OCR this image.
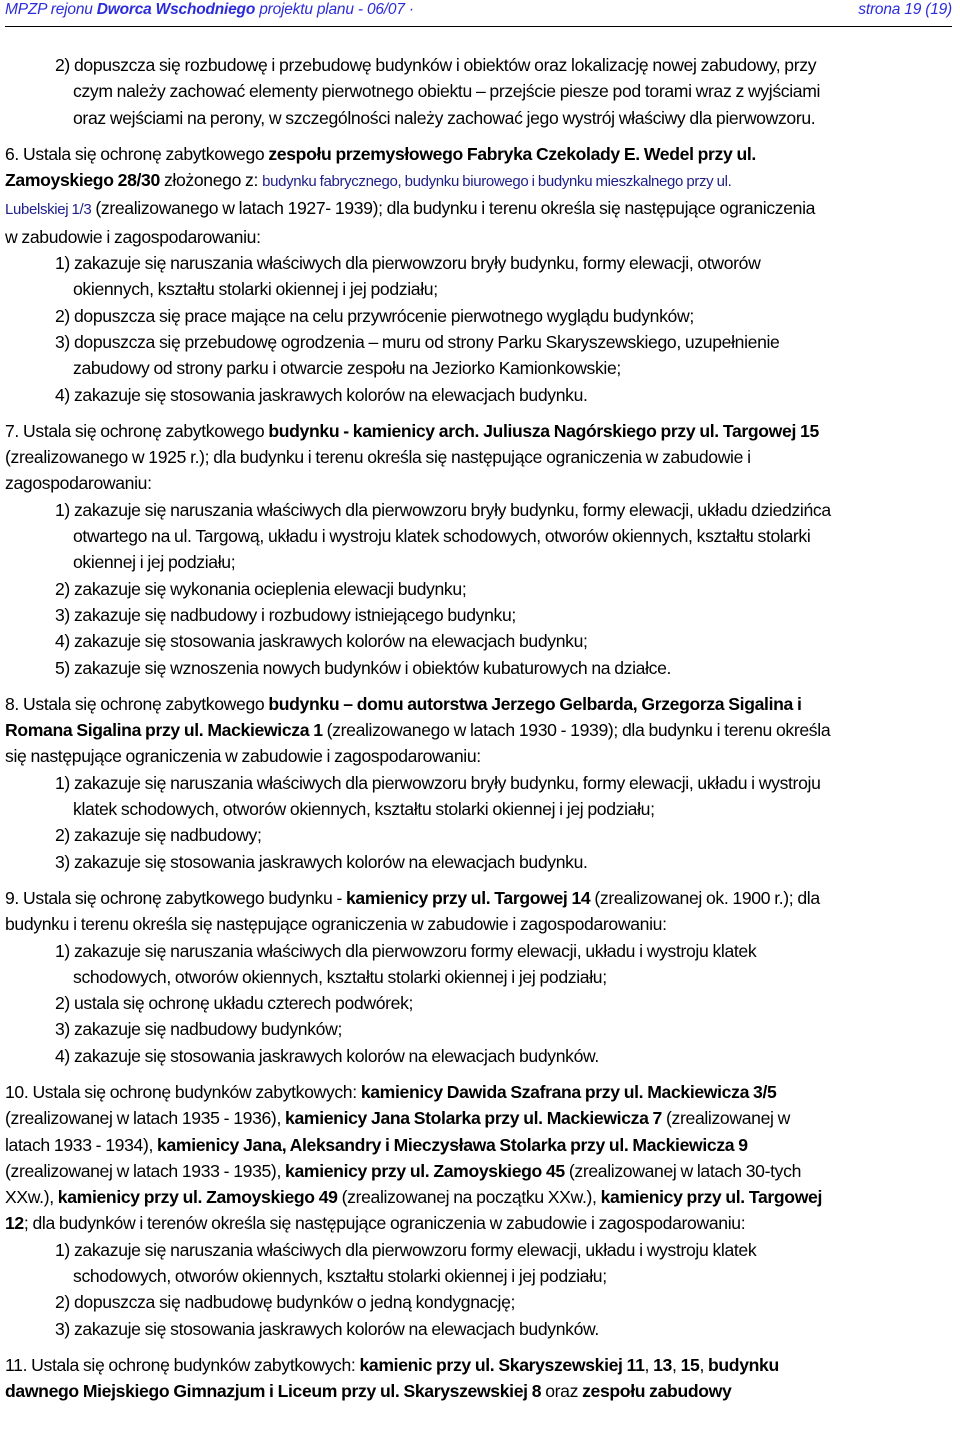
MPZP rejonu Dworca Wschodniego projektu planu - 06/07 ·	strona 19 (19)

2) dopuszcza się rozbudowę i przebudowę budynków i obiektów oraz lokalizację nowej zabudowy, przy

czym należy zachować elementy pierwotnego obiektu – przejście piesze pod torami wraz z wyjściami

oraz wejściami na perony, w szczególności należy zachować jego wystrój właściwy dla pierwowzoru.

6. Ustala się ochronę zabytkowego zespołu przemysłowego Fabryka Czekolady E. Wedel przy ul.

Zamoyskiego 28/30 złożonego z: budynku fabrycznego, budynku biurowego i budynku mieszkalnego przy ul.

Lubelskiej 1/3 (zrealizowanego w latach 1927- 1939); dla budynku i terenu określa się następujące ograniczenia

w zabudowie i zagospodarowaniu:

1) zakazuje się naruszania właściwych dla pierwowzoru bryły budynku, formy elewacji, otworów

okiennych, kształtu stolarki okiennej i jej podziału;

2) dopuszcza się prace mające na celu przywrócenie pierwotnego wyglądu budynków;

3) dopuszcza się przebudowę ogrodzenia – muru od strony Parku Skaryszewskiego, uzupełnienie

zabudowy od strony parku i otwarcie zespołu na Jeziorko Kamionkowskie;

4) zakazuje się stosowania jaskrawych kolorów na elewacjach budynku.

7. Ustala się ochronę zabytkowego budynku - kamienicy arch. Juliusza Nagórskiego przy ul. Targowej 15

(zrealizowanego w 1925 r.); dla budynku i terenu określa się następujące ograniczenia w zabudowie i

zagospodarowaniu:

1) zakazuje się naruszania właściwych dla pierwowzoru bryły budynku, formy elewacji, układu dziedzińca

otwartego na ul. Targową, układu i wystroju klatek schodowych, otworów okiennych, kształtu stolarki

okiennej i jej podziału;

2) zakazuje się wykonania ocieplenia elewacji budynku;

3) zakazuje się nadbudowy i rozbudowy istniejącego budynku;

4) zakazuje się stosowania jaskrawych kolorów na elewacjach budynku;

5) zakazuje się wznoszenia nowych budynków i obiektów kubaturowych na działce.

8. Ustala się ochronę zabytkowego budynku – domu autorstwa Jerzego Gelbarda, Grzegorza Sigalina i

Romana Sigalina przy ul. Mackiewicza 1 (zrealizowanego w latach 1930 - 1939); dla budynku i terenu określa

się następujące ograniczenia w zabudowie i zagospodarowaniu:

1) zakazuje się naruszania właściwych dla pierwowzoru bryły budynku, formy elewacji, układu i wystroju

klatek schodowych, otworów okiennych, kształtu stolarki okiennej i jej podziału;

2) zakazuje się nadbudowy;

3) zakazuje się stosowania jaskrawych kolorów na elewacjach budynku.

9. Ustala się ochronę zabytkowego budynku - kamienicy przy ul. Targowej 14 (zrealizowanej ok. 1900 r.); dla

budynku i terenu określa się następujące ograniczenia w zabudowie i zagospodarowaniu:

1) zakazuje się naruszania właściwych dla pierwowzoru formy elewacji, układu i wystroju klatek

schodowych, otworów okiennych, kształtu stolarki okiennej i jej podziału;

2) ustala się ochronę układu czterech podwórek;

3) zakazuje się nadbudowy budynków;

4) zakazuje się stosowania jaskrawych kolorów na elewacjach budynków.

10. Ustala się ochronę budynków zabytkowych: kamienicy Dawida Szafrana przy ul. Mackiewicza 3/5

(zrealizowanej w latach 1935 - 1936), kamienicy Jana Stolarka przy ul. Mackiewicza 7 (zrealizowanej w

latach 1933 - 1934), kamienicy Jana, Aleksandry i Mieczysława Stolarka przy ul. Mackiewicza 9

(zrealizowanej w latach 1933 - 1935), kamienicy przy ul. Zamoyskiego 45 (zrealizowanej w latach 30-tych

XXw.), kamienicy przy ul. Zamoyskiego 49 (zrealizowanej na początku XXw.), kamienicy przy ul. Targowej

12; dla budynków i terenów określa się następujące ograniczenia w zabudowie i zagospodarowaniu:

1) zakazuje się naruszania właściwych dla pierwowzoru formy elewacji, układu i wystroju klatek

schodowych, otworów okiennych, kształtu stolarki okiennej i jej podziału;

2) dopuszcza się nadbudowę budynków o jedną kondygnację;

3) zakazuje się stosowania jaskrawych kolorów na elewacjach budynków.

11. Ustala się ochronę budynków zabytkowych: kamienic przy ul. Skaryszewskiej 11, 13, 15, budynku

dawnego Miejskiego Gimnazjum i Liceum przy ul. Skaryszewskiej 8 oraz zespołu zabudowy
